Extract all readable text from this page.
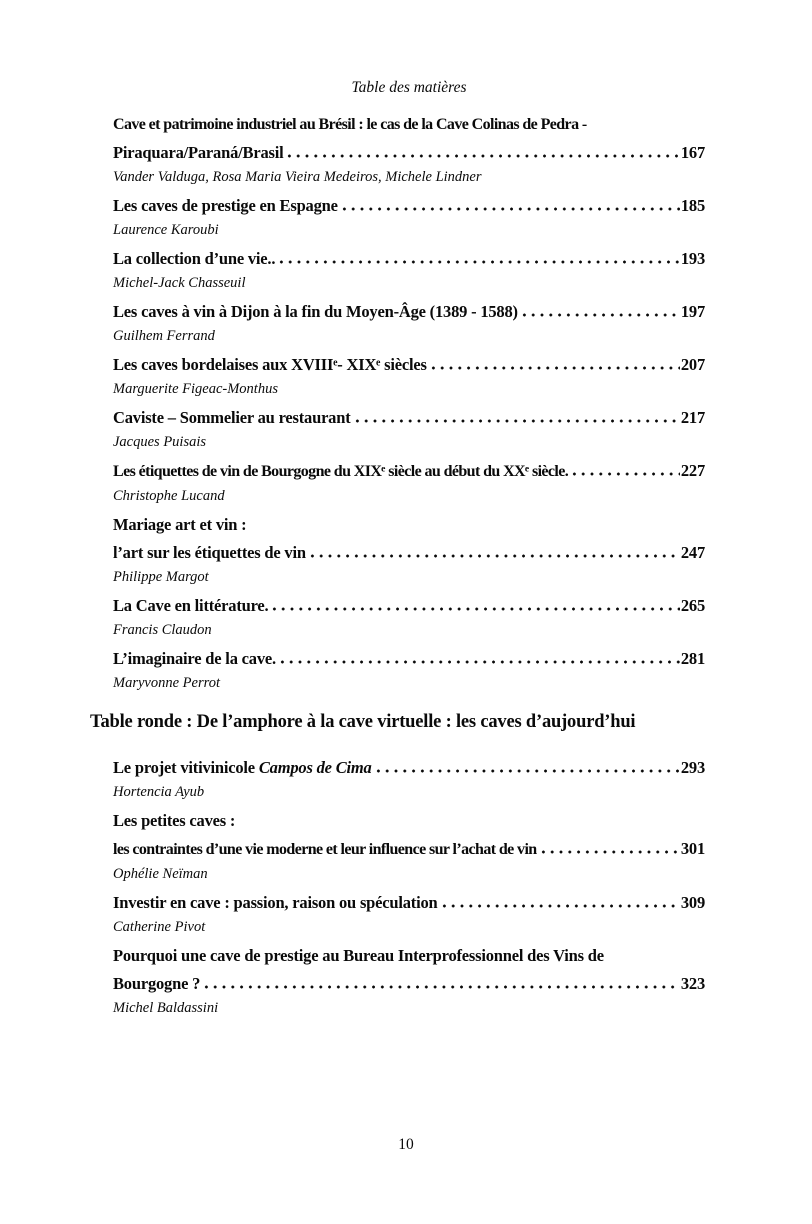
Table des matières
Cave et patrimoine industriel au Brésil : le cas de la Cave Colinas de Pedra -
Piraquara/Paraná/Brasil	167
Vander Valduga, Rosa Maria Vieira Medeiros, Michele Lindner
Les caves de prestige en Espagne	185
Laurence Karoubi
La collection d’une vie..	193
Michel-Jack Chasseuil
Les caves à vin à Dijon à la fin du Moyen-Âge (1389 - 1588)	197
Guilhem Ferrand
Les caves bordelaises aux XVIIIᵉ- XIXᵉ siècles	207
Marguerite Figeac-Monthus
Caviste – Sommelier au restaurant	217
Jacques Puisais
Les étiquettes de vin de Bourgogne du XIXᵉ siècle au début du XXᵉ siècle.	227
Christophe Lucand
Mariage art et vin :
l’art sur les étiquettes de vin	247
Philippe Margot
La Cave en littérature.	265
Francis Claudon
L’imaginaire de la cave.	281
Maryvonne Perrot
Table ronde : De l’amphore à la cave virtuelle : les caves d’aujourd’hui
Le projet vitivinicole Campos de Cima	293
Hortencia Ayub
Les petites caves :
les contraintes d’une vie moderne et leur influence sur l’achat de vin	301
Ophélie Neïman
Investir en cave : passion, raison ou spéculation	309
Catherine Pivot
Pourquoi une cave de prestige au Bureau Interprofessionnel des Vins de
Bourgogne ?	323
Michel Baldassini
10
